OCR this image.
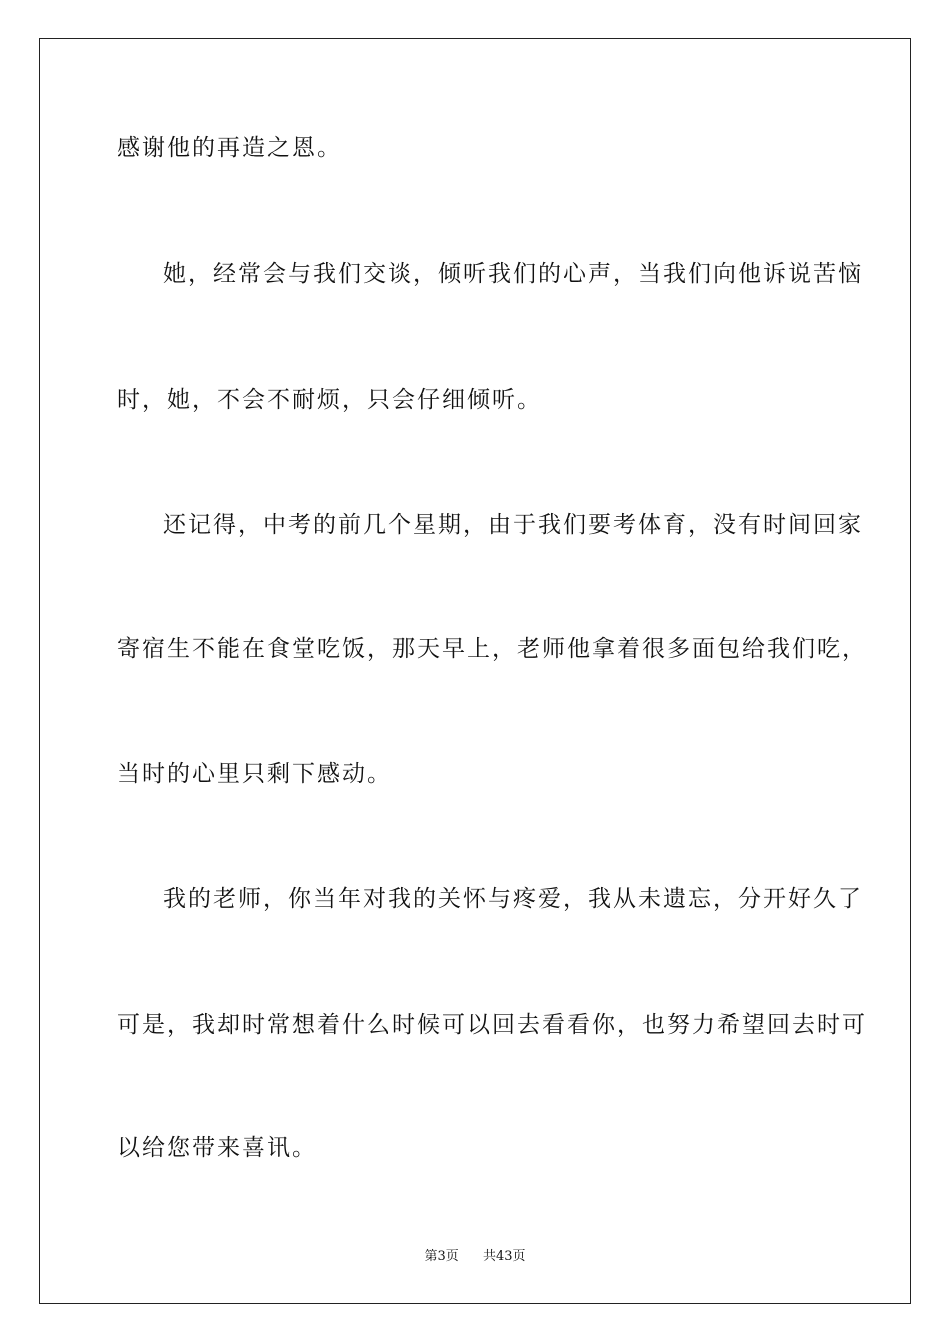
感谢他的再造之恩。
她，经常会与我们交谈，倾听我们的心声，当我们向他诉说苦恼
时，她，不会不耐烦，只会仔细倾听。
还记得，中考的前几个星期，由于我们要考体育，没有时间回家
寄宿生不能在食堂吃饭，那天早上，老师他拿着很多面包给我们吃，
当时的心里只剩下感动。
我的老师，你当年对我的关怀与疼爱，我从未遗忘，分开好久了
可是，我却时常想着什么时候可以回去看看你，也努力希望回去时可
以给您带来喜讯。
第3页 共43页
